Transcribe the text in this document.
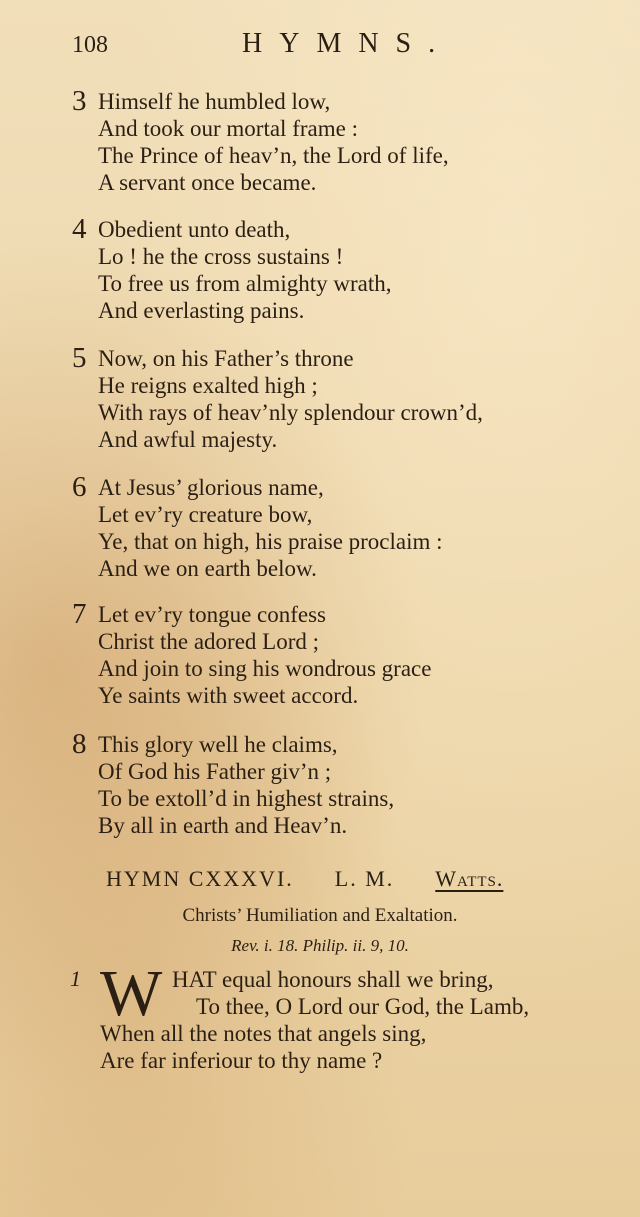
108	HYMNS.
3 Himself he humbled low,
And took our mortal frame :
The Prince of heav’n, the Lord of life,
A servant once became.
4 Obedient unto death,
Lo ! he the cross sustains !
To free us from almighty wrath,
And everlasting pains.
5 Now, on his Father’s throne
He reigns exalted high ;
With rays of heav’nly splendour crown’d,
And awful majesty.
6 At Jesus’ glorious name,
Let ev’ry creature bow,
Ye, that on high, his praise proclaim :
And we on earth below.
7 Let ev’ry tongue confess
Christ the adored Lord ;
And join to sing his wondrous grace
Ye saints with sweet accord.
8 This glory well he claims,
Of God his Father giv’n ;
To be extoll’d in highest strains,
By all in earth and Heav’n.
HYMN CXXXVI. L. M. Watts.
Christs’ Humiliation and Exaltation.
Rev. i. 18. Philip. ii. 9, 10.
1 W HAT equal honours shall we bring,
To thee, O Lord our God, the Lamb,
When all the notes that angels sing,
Are far inferiour to thy name ?
